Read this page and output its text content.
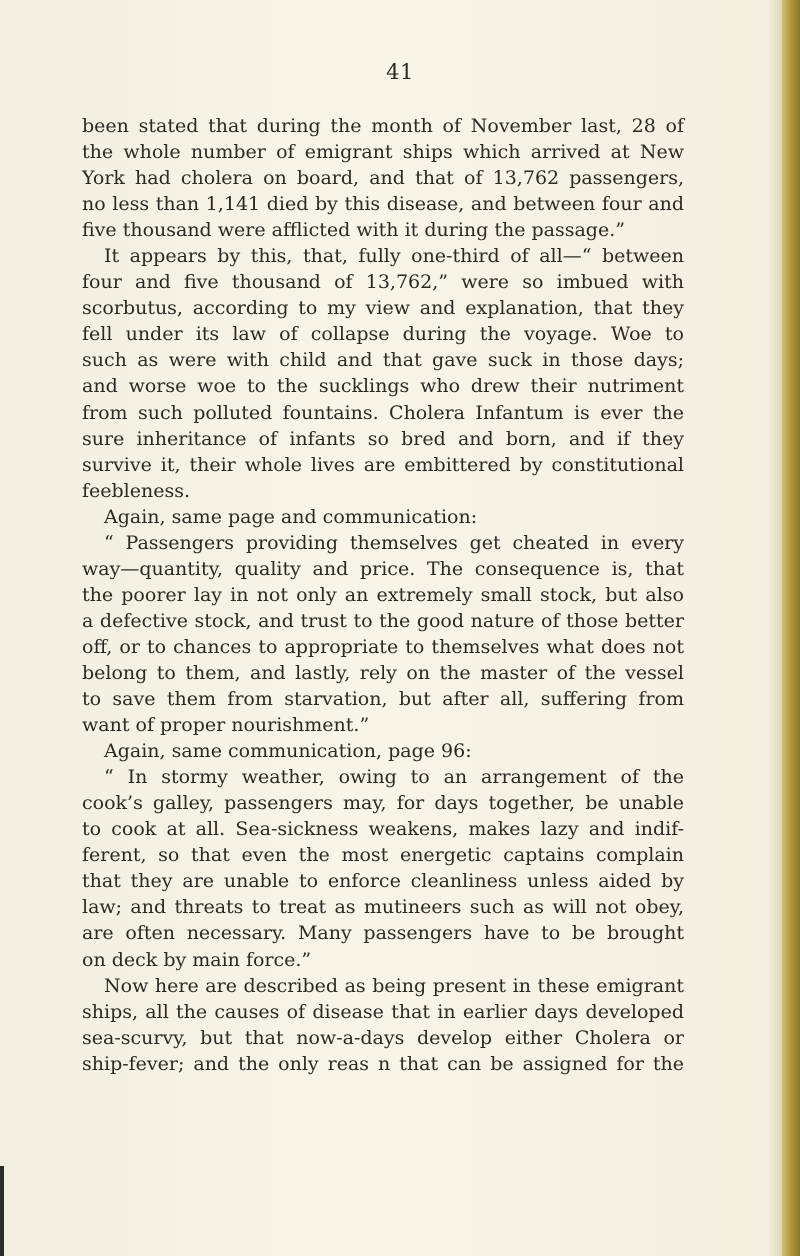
41
been stated that during the month of November last, 28 of
the whole number of emigrant ships which arrived at New
York had cholera on board, and that of 13,762 passengers,
no less than 1,141 died by this disease, and between four and
five thousand were afflicted with it during the passage.”
It appears by this, that, fully one-third of all—“ between
four and five thousand of 13,762,” were so imbued with
scorbutus, according to my view and explanation, that they
fell under its law of collapse during the voyage. Woe to
such as were with child and that gave suck in those days;
and worse woe to the sucklings who drew their nutriment
from such polluted fountains. Cholera Infantum is ever the
sure inheritance of infants so bred and born, and if they
survive it, their whole lives are embittered by constitutional
feebleness.
Again, same page and communication:
“ Passengers providing themselves get cheated in every
way—quantity, quality and price. The consequence is, that
the poorer lay in not only an extremely small stock, but also
a defective stock, and trust to the good nature of those better
off, or to chances to appropriate to themselves what does not
belong to them, and lastly, rely on the master of the vessel
to save them from starvation, but after all, suffering from
want of proper nourishment.”
Again, same communication, page 96:
“ In stormy weather, owing to an arrangement of the
cook’s galley, passengers may, for days together, be unable
to cook at all. Sea-sickness weakens, makes lazy and indif-
ferent, so that even the most energetic captains complain
that they are unable to enforce cleanliness unless aided by
law; and threats to treat as mutineers such as will not obey,
are often necessary. Many passengers have to be brought
on deck by main force.”
Now here are described as being present in these emigrant
ships, all the causes of disease that in earlier days developed
sea-scurvy, but that now-a-days develop either Cholera or
ship-fever; and the only reas n that can be assigned for the
